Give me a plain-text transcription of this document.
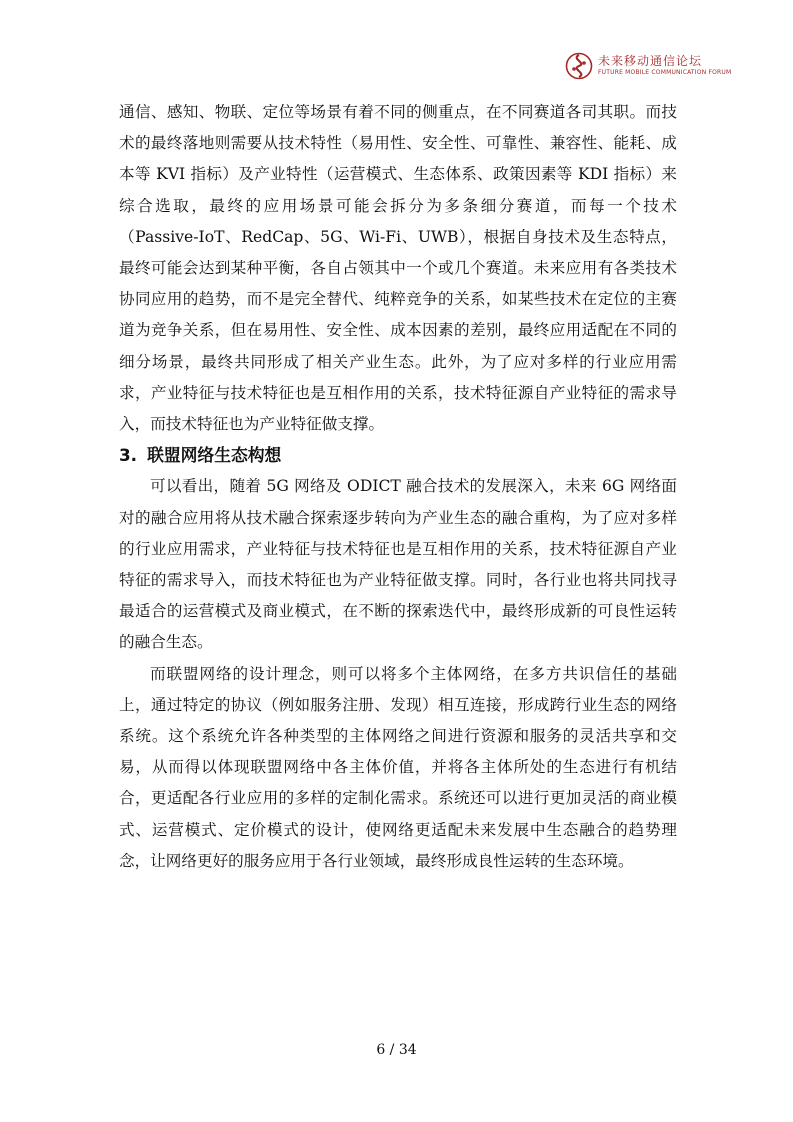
未来移动通信论坛
FUTURE MOBILE COMMUNICATION FORUM

通信、感知、物联、定位等场景有着不同的侧重点，在不同赛道各司其职。而技术的最终落地则需要从技术特性（易用性、安全性、可靠性、兼容性、能耗、成本等 KVI 指标）及产业特性（运营模式、生态体系、政策因素等 KDI 指标）来综合选取，最终的应用场景可能会拆分为多条细分赛道，而每一个技术（Passive-IoT、RedCap、5G、Wi-Fi、UWB），根据自身技术及生态特点，最终可能会达到某种平衡，各自占领其中一个或几个赛道。未来应用有各类技术协同应用的趋势，而不是完全替代、纯粹竞争的关系，如某些技术在定位的主赛道为竞争关系，但在易用性、安全性、成本因素的差别，最终应用适配在不同的细分场景，最终共同形成了相关产业生态。此外，为了应对多样的行业应用需求，产业特征与技术特征也是互相作用的关系，技术特征源自产业特征的需求导入，而技术特征也为产业特征做支撑。

3. 联盟网络生态构想

可以看出，随着 5G 网络及 ODICT 融合技术的发展深入，未来 6G 网络面对的融合应用将从技术融合探索逐步转向为产业生态的融合重构，为了应对多样的行业应用需求，产业特征与技术特征也是互相作用的关系，技术特征源自产业特征的需求导入，而技术特征也为产业特征做支撑。同时，各行业也将共同找寻最适合的运营模式及商业模式，在不断的探索迭代中，最终形成新的可良性运转的融合生态。

而联盟网络的设计理念，则可以将多个主体网络，在多方共识信任的基础上，通过特定的协议（例如服务注册、发现）相互连接，形成跨行业生态的网络系统。这个系统允许各种类型的主体网络之间进行资源和服务的灵活共享和交易，从而得以体现联盟网络中各主体价值，并将各主体所处的生态进行有机结合，更适配各行业应用的多样的定制化需求。系统还可以进行更加灵活的商业模式、运营模式、定价模式的设计，使网络更适配未来发展中生态融合的趋势理念，让网络更好的服务应用于各行业领域，最终形成良性运转的生态环境。

6 / 34
